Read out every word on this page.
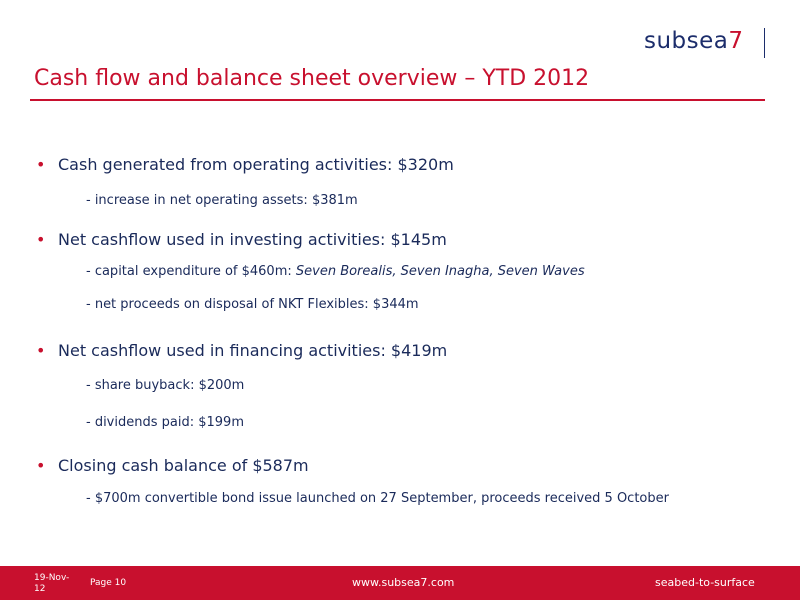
subsea7
Cash flow and balance sheet overview – YTD 2012
• Cash generated from operating activities: $320m
- increase in net operating assets: $381m
• Net cashflow used in investing activities: $145m
- capital expenditure of $460m: Seven Borealis, Seven Inagha, Seven Waves
- net proceeds on disposal of NKT Flexibles: $344m
• Net cashflow used in financing activities: $419m
- share buyback: $200m
- dividends paid: $199m
• Closing cash balance of $587m
- $700m convertible bond issue launched on 27 September, proceeds received 5 October
19-Nov-12
Page 10	www.subsea7.com	seabed-to-surface
